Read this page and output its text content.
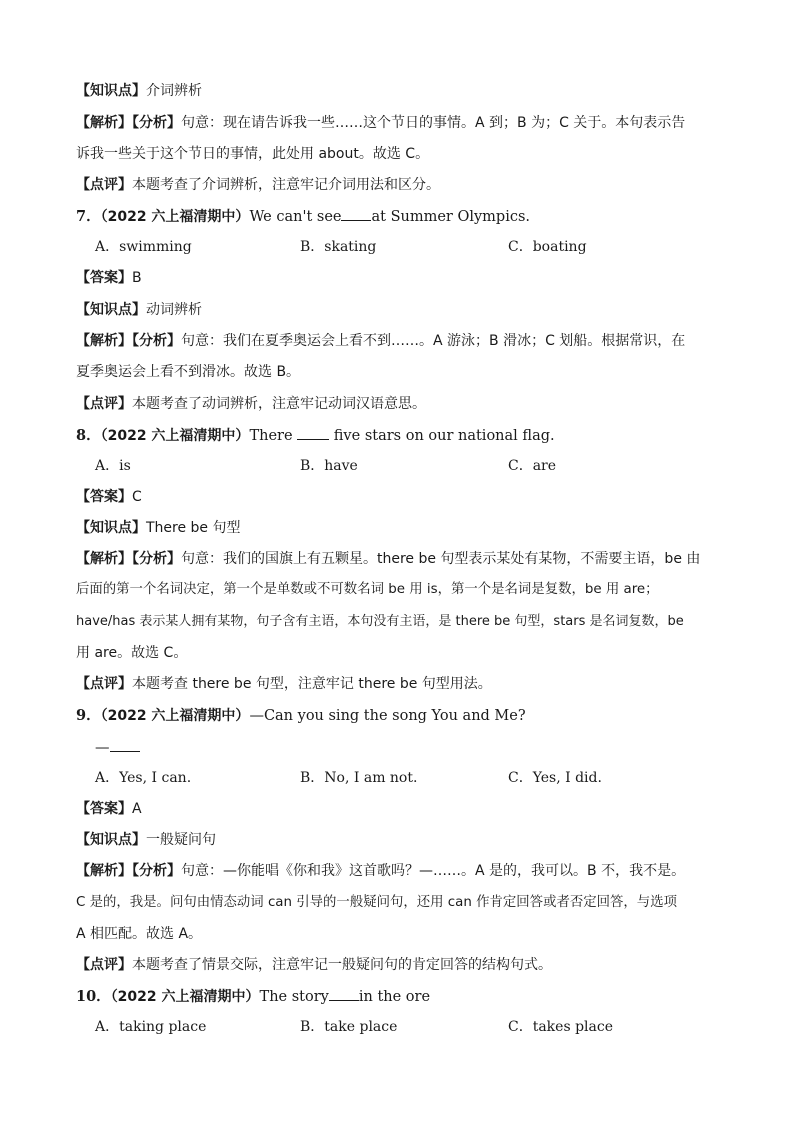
【知识点】介词辨析
【解析】【分析】句意：现在请告诉我一些……这个节日的事情。A 到；B 为；C 关于。本句表示告
诉我一些关于这个节日的事情，此处用 about。故选 C。
【点评】本题考查了介词辨析，注意牢记介词用法和区分。
7．（2022 六上福清期中）We can't see at Summer Olympics.
A．swimming	B．skating	C．boating
【答案】B
【知识点】动词辨析
【解析】【分析】句意：我们在夏季奥运会上看不到……。A 游泳；B 滑冰；C 划船。根据常识，在
夏季奥运会上看不到滑冰。故选 B。
【点评】本题考查了动词辨析，注意牢记动词汉语意思。
8．（2022 六上福清期中）There	five stars on our national flag.
A．is	B．have	C．are
【答案】C
【知识点】There be 句型
【解析】【分析】句意：我们的国旗上有五颗星。there be 句型表示某处有某物，不需要主语，be 由
后面的第一个名词决定，第一个是单数或不可数名词 be 用 is，第一个是名词是复数，be 用 are；
have/has 表示某人拥有某物，句子含有主语，本句没有主语，是 there be 句型，stars 是名词复数，be
用 are。故选 C。
【点评】本题考查 there be 句型，注意牢记 there be 句型用法。
9．（2022 六上福清期中）—Can you sing the song You and Me?
—
A．Yes, I can.	B．No, I am not.	C．Yes, I did.
【答案】A
【知识点】一般疑问句
【解析】【分析】句意：—你能唱《你和我》这首歌吗？—……。A 是的，我可以。B 不，我不是。
C 是的，我是。问句由情态动词 can 引导的一般疑问句，还用 can 作肯定回答或者否定回答，与选项
A 相匹配。故选 A。
【点评】本题考查了情景交际，注意牢记一般疑问句的肯定回答的结构句式。
10．（2022 六上福清期中）The story in the ore
A．taking place	B．take place	C．takes place
